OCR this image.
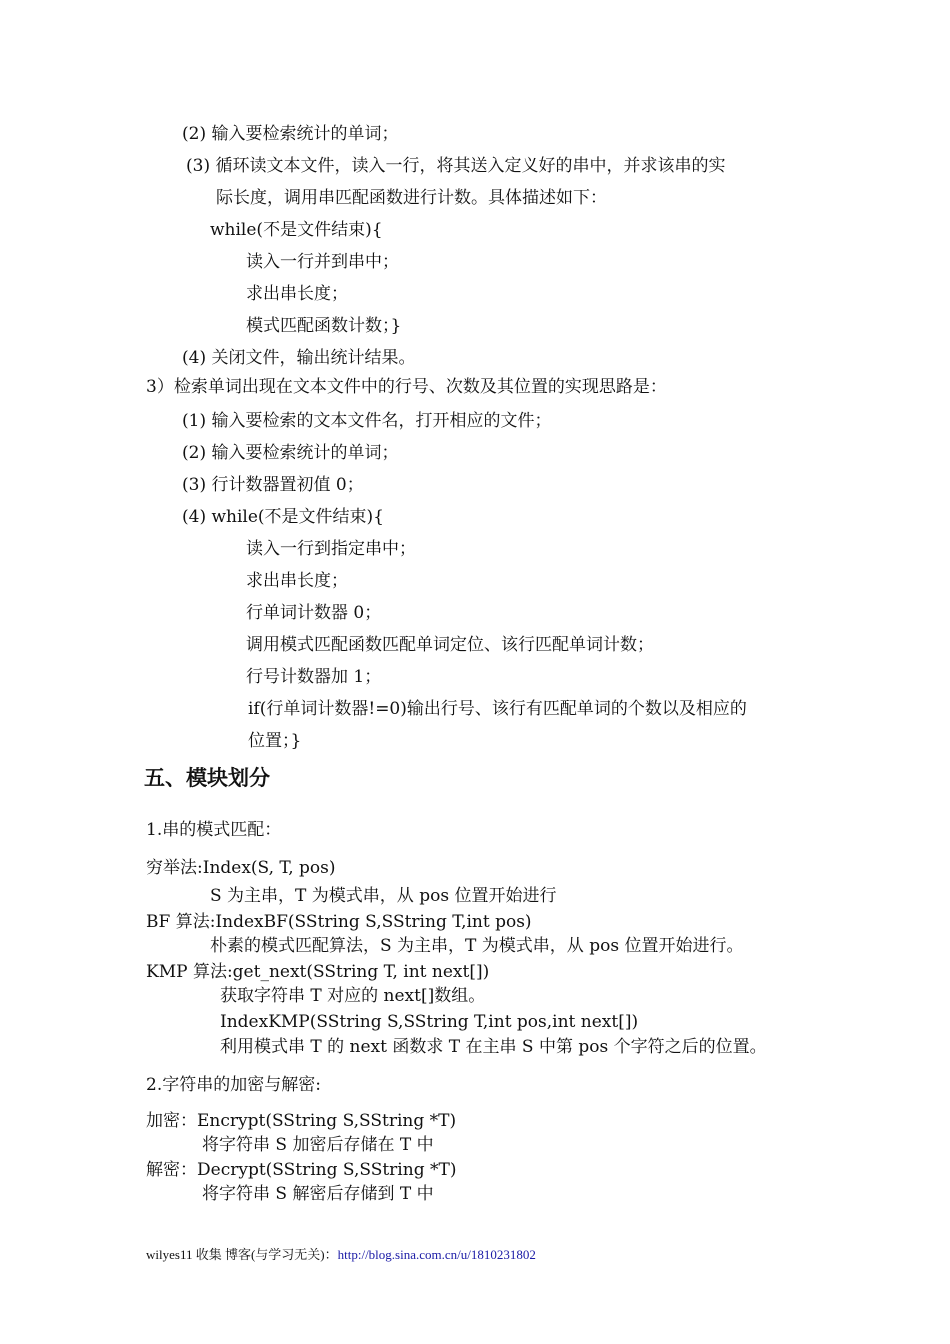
(2) 输入要检索统计的单词；
(3) 循环读文本文件，读入一行，将其送入定义好的串中，并求该串的实
际长度，调用串匹配函数进行计数。具体描述如下：
while(不是文件结束){
读入一行并到串中；
求出串长度；
模式匹配函数计数；}
(4) 关闭文件，输出统计结果。
3）检索单词出现在文本文件中的行号、次数及其位置的实现思路是：
(1) 输入要检索的文本文件名，打开相应的文件；
(2) 输入要检索统计的单词；
(3) 行计数器置初值 0；
(4) while(不是文件结束){
读入一行到指定串中；
求出串长度；
行单词计数器 0；
调用模式匹配函数匹配单词定位、该行匹配单词计数；
行号计数器加 1；
if(行单词计数器!=0)输出行号、该行有匹配单词的个数以及相应的
位置；}
五、模块划分
1.串的模式匹配：
穷举法:Index(S, T, pos)
S 为主串，T 为模式串，从 pos 位置开始进行
BF 算法:IndexBF(SString S,SString T,int pos)
朴素的模式匹配算法，S 为主串，T 为模式串，从 pos 位置开始进行。
KMP 算法:get_next(SString T, int next[])
获取字符串 T 对应的 next[]数组。
IndexKMP(SString S,SString T,int pos,int next[])
利用模式串 T 的 next 函数求 T 在主串 S 中第 pos 个字符之后的位置。
2.字符串的加密与解密:
加密：Encrypt(SString S,SString *T)
将字符串 S 加密后存储在 T 中
解密：Decrypt(SString S,SString *T)
将字符串 S 解密后存储到 T 中
wilyes11 收集 博客(与学习无关)：http://blog.sina.com.cn/u/1810231802
